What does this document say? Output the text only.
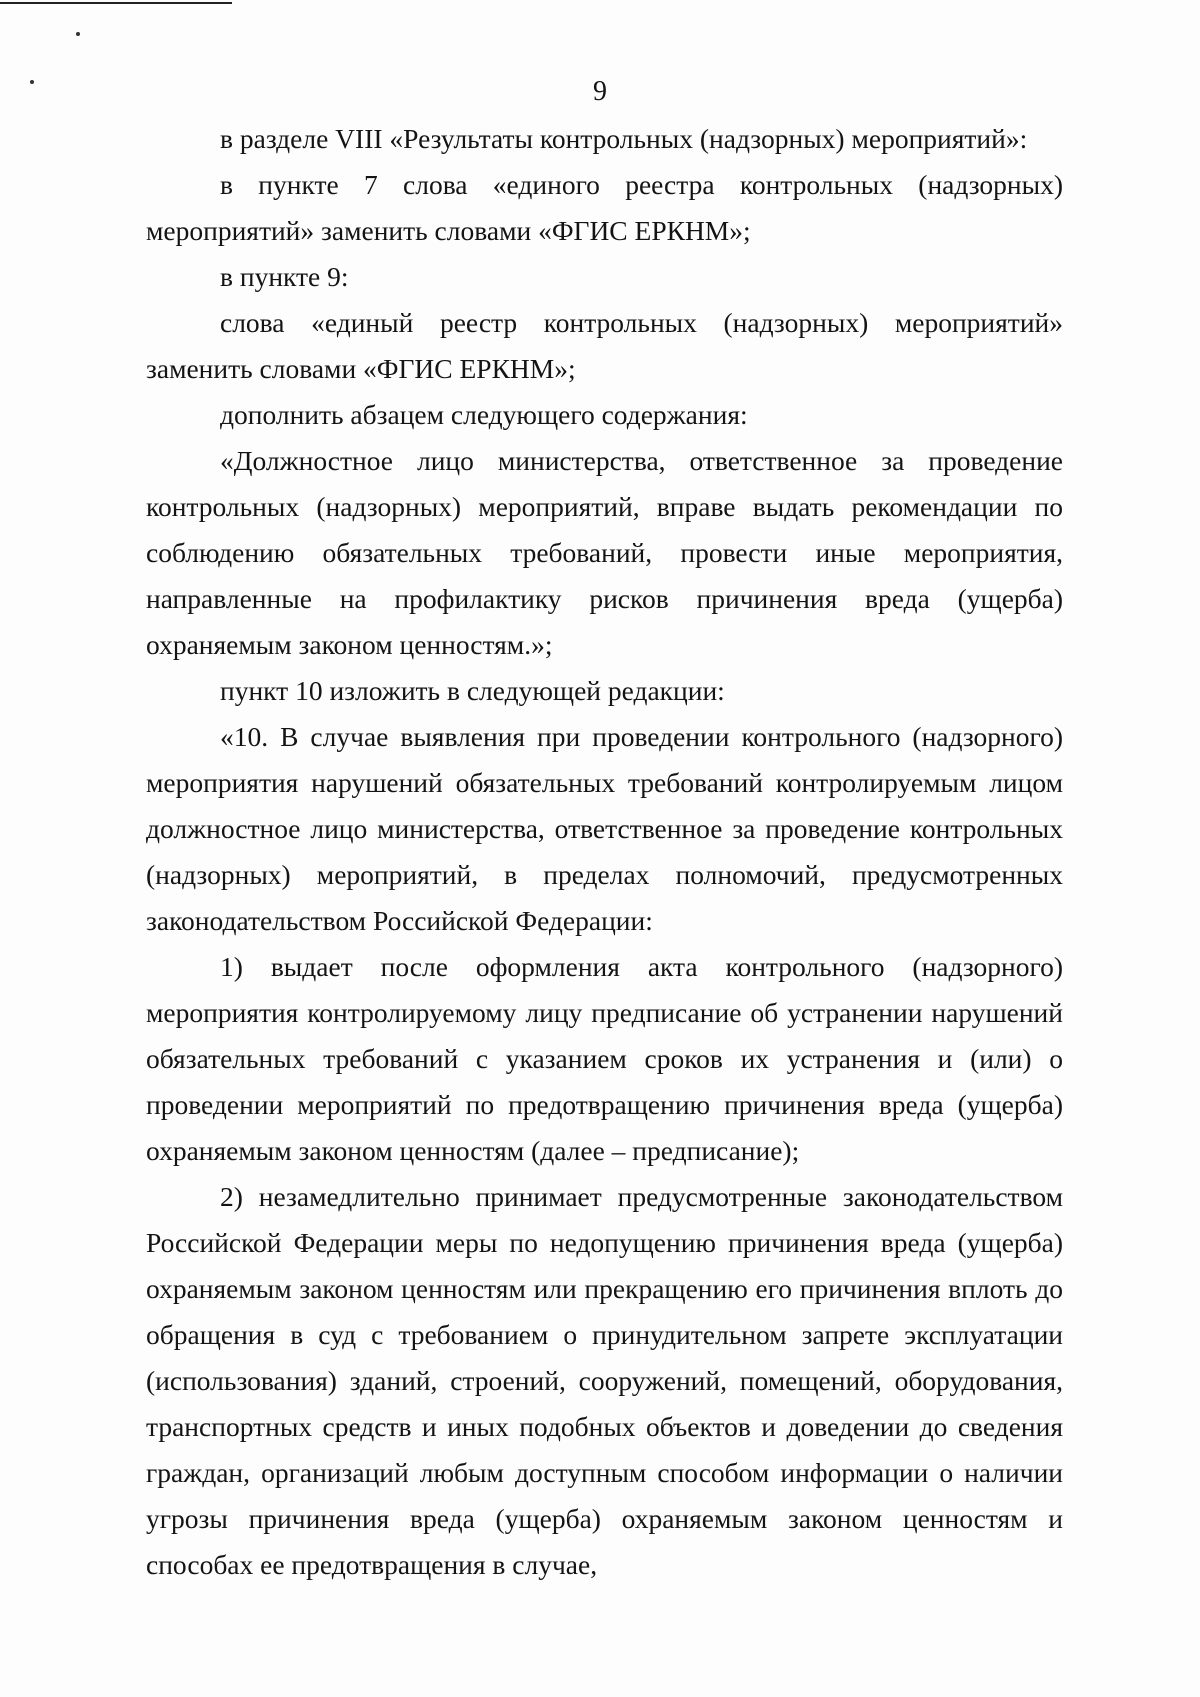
9

в разделе VIII «Результаты контрольных (надзорных) мероприятий»:

в пункте 7 слова «единого реестра контрольных (надзорных) мероприятий» заменить словами «ФГИС ЕРКНМ»;

в пункте 9:

слова «единый реестр контрольных (надзорных) мероприятий» заменить словами «ФГИС ЕРКНМ»;

дополнить абзацем следующего содержания:

«Должностное лицо министерства, ответственное за проведение контрольных (надзорных) мероприятий, вправе выдать рекомендации по соблюдению обязательных требований, провести иные мероприятия, направленные на профилактику рисков причинения вреда (ущерба) охраняемым законом ценностям.»;

пункт 10 изложить в следующей редакции:

«10. В случае выявления при проведении контрольного (надзорного) мероприятия нарушений обязательных требований контролируемым лицом должностное лицо министерства, ответственное за проведение контрольных (надзорных) мероприятий, в пределах полномочий, предусмотренных законодательством Российской Федерации:

1) выдает после оформления акта контрольного (надзорного) мероприятия контролируемому лицу предписание об устранении нарушений обязательных требований с указанием сроков их устранения и (или) о проведении мероприятий по предотвращению причинения вреда (ущерба) охраняемым законом ценностям (далее – предписание);

2) незамедлительно принимает предусмотренные законодательством Российской Федерации меры по недопущению причинения вреда (ущерба) охраняемым законом ценностям или прекращению его причинения вплоть до обращения в суд с требованием о принудительном запрете эксплуатации (использования) зданий, строений, сооружений, помещений, оборудования, транспортных средств и иных подобных объектов и доведении до сведения граждан, организаций любым доступным способом информации о наличии угрозы причинения вреда (ущерба) охраняемым законом ценностям и способах ее предотвращения в случае,
